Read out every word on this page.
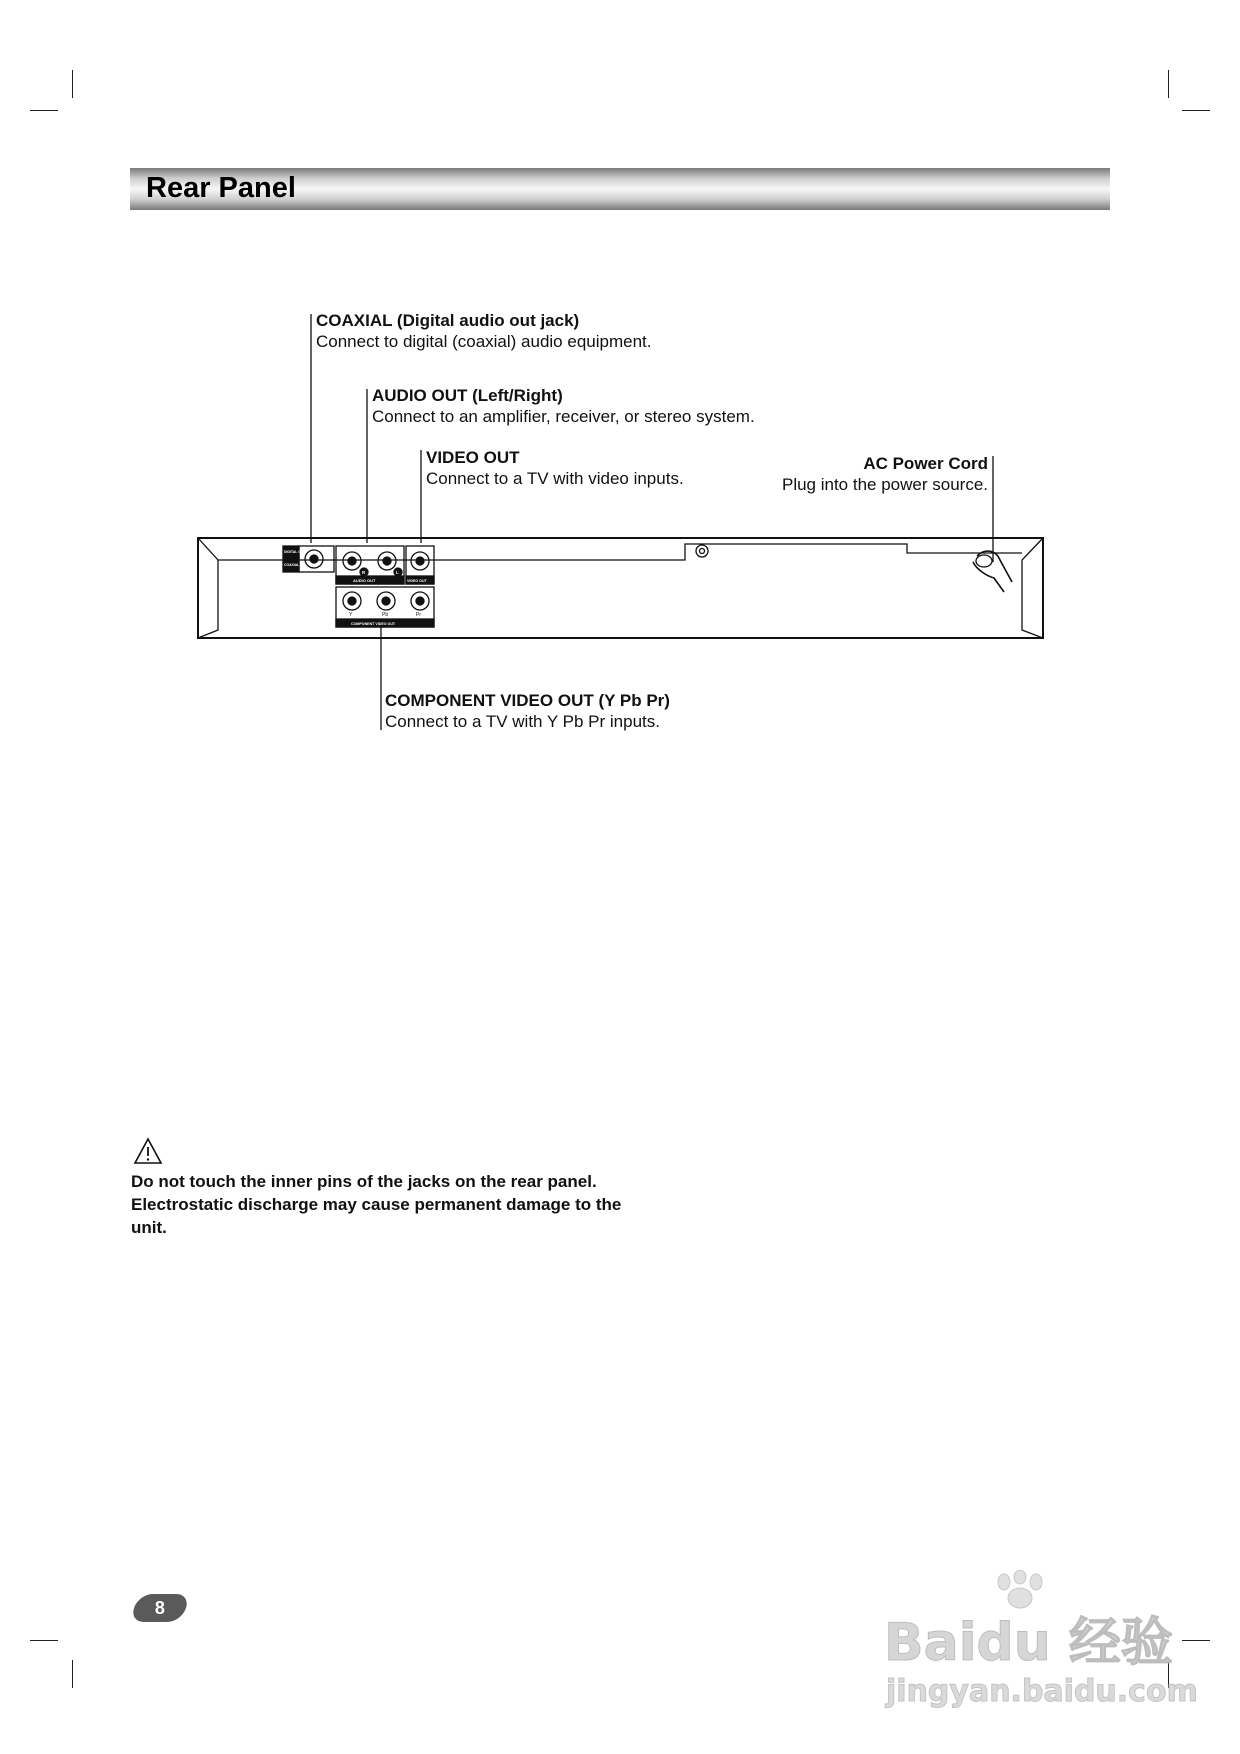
Rear Panel
DIGITAL OUT
COAXIAL
AUDIO OUT	VIDEO OUT
R	L
COMPONENT VIDEO OUT
Y	Pb	Pr
COAXIAL (Digital audio out jack)
Connect to digital (coaxial) audio equipment.
AUDIO OUT (Left/Right)
Connect to an amplifier, receiver, or stereo system.
VIDEO OUT
Connect to a TV with video inputs.
AC Power Cord
Plug into the power source.
COMPONENT VIDEO OUT (Y Pb Pr)
Connect to a TV with Y Pb Pr inputs.
Do not touch the inner pins of the jacks on the rear panel. Electrostatic discharge may cause permanent damage to the unit.
8
Baidu 经验
jingyan.baidu.com
